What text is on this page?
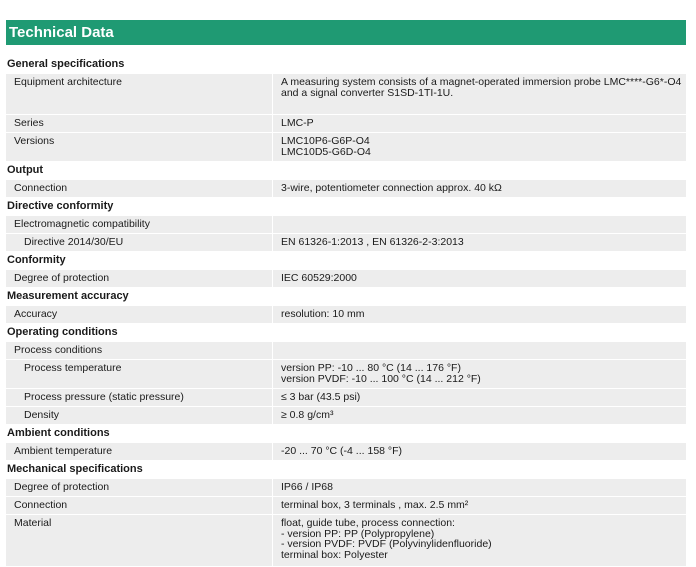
Technical Data
General specifications
Equipment architecture	A measuring system consists of a magnet-operated immersion probe LMC****-G6*-O4
and a signal converter S1SD-1TI-1U.
Series	LMC-P
Versions	LMC10P6-G6P-O4
LMC10D5-G6D-O4
Output
Connection	3-wire, potentiometer connection approx. 40 kΩ
Directive conformity
Electromagnetic compatibility
Directive 2014/30/EU	EN 61326-1:2013 , EN 61326-2-3:2013
Conformity
Degree of protection	IEC 60529:2000
Measurement accuracy
Accuracy	resolution: 10 mm
Operating conditions
Process conditions
Process temperature	version PP: -10 ... 80 °C (14 ... 176 °F)
version PVDF: -10 ... 100 °C (14 ... 212 °F)
Process pressure (static pressure)	≤ 3 bar (43.5 psi)
Density	≥ 0.8 g/cm³
Ambient conditions
Ambient temperature	-20 ... 70 °C (-4 ... 158 °F)
Mechanical specifications
Degree of protection	IP66 / IP68
Connection	terminal box, 3 terminals , max. 2.5 mm²
Material	float, guide tube, process connection:
- version PP: PP (Polypropylene)
- version PVDF: PVDF (Polyvinylidenfluoride)
terminal box: Polyester
